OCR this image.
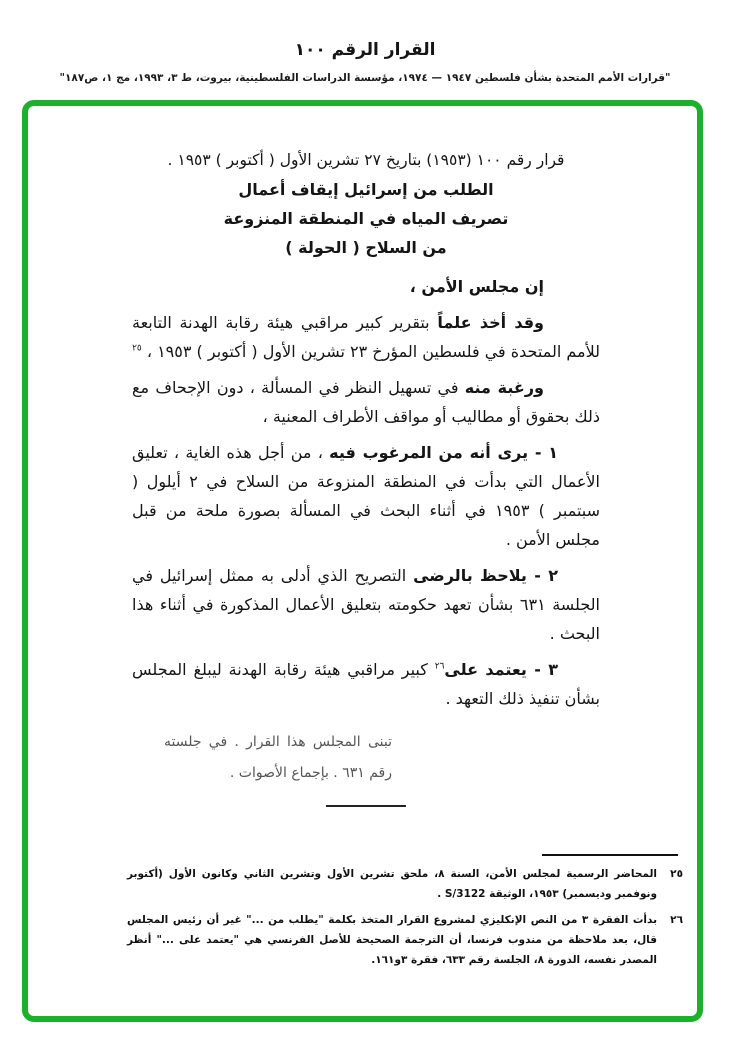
القرار الرقم ١٠٠
"قرارات الأمم المتحدة بشأن فلسطين ١٩٤٧ — ١٩٧٤، مؤسسة الدراسات الفلسطينية، بيروت، ط ٣، ١٩٩٣، مج ١، ص١٨٧"
قرار رقم ١٠٠ (١٩٥٣) بتاريخ ٢٧ تشرين الأول ( أكتوبر ) ١٩٥٣ .
الطلب من إسرائيل إيقاف أعمال
تصريف المياه في المنطقة المنزوعة
من السلاح ( الحولة )

إن مجلس الأمن ،

وقد أخذ علماً بتقرير كبير مراقبي هيئة رقابة الهدنة التابعة للأمم المتحدة في فلسطين المؤرخ ٢٣ تشرين الأول ( أكتوبر ) ١٩٥٣ ، $^{٢٥}$

ورغبة منه في تسهيل النظر في المسألة ، دون الإجحاف مع ذلك بحقوق أو مطاليب أو مواقف الأطراف المعنية ،

١ - يرى أنه من المرغوب فيه ، من أجل هذه الغاية ، تعليق الأعمال التي بدأت في المنطقة المنزوعة من السلاح في ٢ أيلول ( سبتمبر ) ١٩٥٣ في أثناء البحث في المسألة بصورة ملحة من قبل مجلس الأمن .

٢ - يلاحظ بالرضى التصريح الذي أدلى به ممثل إسرائيل في الجلسة ٦٣١ بشأن تعهد حكومته بتعليق الأعمال المذكورة في أثناء هذا البحث .

٣ - يعتمد على$^{٢٦}$ كبير مراقبي هيئة رقابة الهدنة ليبلغ المجلس بشأن تنفيذ ذلك التعهد .

تبنى المجلس هذا القرار . في جلسته رقم ٦٣١ . بإجماع الأصوات .

٢٥
المحاضر الرسمية لمجلس الأمن، السنة ٨، ملحق تشرين الأول وتشرين الثاني وكانون الأول (أكتوبر ونوفمبر وديسمبر) ١٩٥٣، الوثيقة S/3122 .
٢٦
بدأت الفقرة ٣ من النص الإنكليزي لمشروع القرار المتخذ بكلمة "يطلب من ..." غير أن رئيس المجلس قال، بعد ملاحظة من مندوب فرنسا، أن الترجمة الصحيحة للأصل الفرنسي هي "يعتمد على ..." أنظر المصدر نفسه، الدورة ٨، الجلسة رقم ٦٣٣، فقرة ٣و١٦١.
